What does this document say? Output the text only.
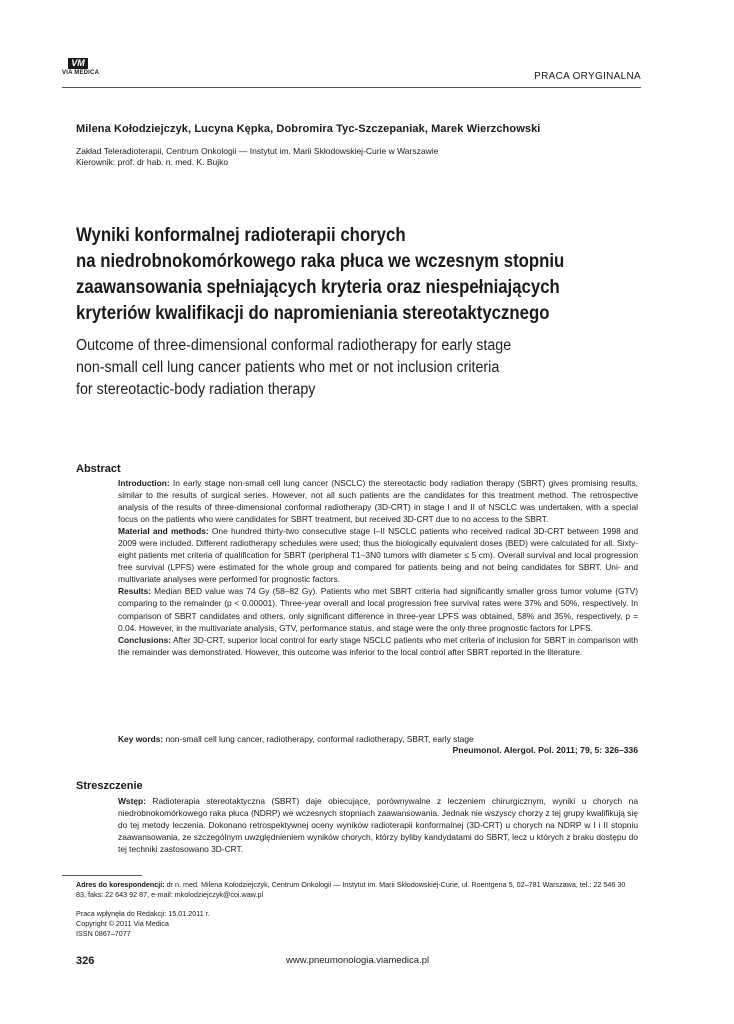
VM
VIA MEDICA	PRACA ORYGINALNA
Milena Kołodziejczyk, Lucyna Kępka, Dobromira Tyc-Szczepaniak, Marek Wierzchowski
Zakład Teleradioterapii, Centrum Onkologii — Instytut im. Marii Skłodowskiej-Curie w Warszawie
Kierownik: prof. dr hab. n. med. K. Bujko
Wyniki konformalnej radioterapii chorych
na niedrobnokomórkowego raka płuca we wczesnym stopniu
zaawansowania spełniających kryteria oraz niespełniających
kryteriów kwalifikacji do napromieniania stereotaktycznego
Outcome of three-dimensional conformal radiotherapy for early stage
non-small cell lung cancer patients who met or not inclusion criteria
for stereotactic-body radiation therapy
Abstract

Introduction: In early stage non-small cell lung cancer (NSCLC) the stereotactic body radiation therapy (SBRT) gives promising results, similar to the results of surgical series. However, not all such patients are the candidates for this treatment method. The retrospective analysis of the results of three-dimensional conformal radiotherapy (3D-CRT) in stage I and II of NSCLC was undertaken, with a special focus on the patients who were candidates for SBRT treatment, but received 3D-CRT due to no access to the SBRT.

Material and methods: One hundred thirty-two consecutive stage I–II NSCLC patients who received radical 3D-CRT between 1998 and 2009 were included. Different radiotherapy schedules were used; thus the biologically equivalent doses (BED) were calculated for all. Sixty-eight patients met criteria of qualification for SBRT (peripheral T1–3N0 tumors with diameter ≤ 5 cm). Overall survival and local progression free survival (LPFS) were estimated for the whole group and compared for patients being and not being candidates for SBRT. Uni- and multivariate analyses were performed for prognostic factors.

Results: Median BED value was 74 Gy (58–82 Gy). Patients who met SBRT criteria had significantly smaller gross tumor volume (GTV) comparing to the remainder (p < 0.00001). Three-year overall and local progression free survival rates were 37% and 50%, respectively. In comparison of SBRT candidates and others, only significant difference in three-year LPFS was obtained, 58% and 35%, respectively, p = 0.04. However, in the multivariate analysis, GTV, performance status, and stage were the only three prognostic factors for LPFS.

Conclusions: After 3D-CRT, superior local control for early stage NSCLC patients who met criteria of inclusion for SBRT in comparison with the remainder was demonstrated. However, this outcome was inferior to the local control after SBRT reported in the literature.

Key words: non-small cell lung cancer, radiotherapy, conformal radiotherapy, SBRT, early stage
Pneumonol. Alergol. Pol. 2011; 79, 5: 326–336
Streszczenie

Wstęp: Radioterapia stereotaktyczna (SBRT) daje obiecujące, porównywalne z leczeniem chirurgicznym, wyniki u chorych na niedrobnokomórkowego raka płuca (NDRP) we wczesnych stopniach zaawansowania. Jednak nie wszyscy chorzy z tej grupy kwalifikują się do tej metody leczenia. Dokonano retrospektywnej oceny wyników radioterapii konformalnej (3D-CRT) u chorych na NDRP w I i II stopniu zaawansowania, ze szczególnym uwzględnieniem wyników chorych, którzy byliby kandydatami do SBRT, lecz u których z braku dostępu do tej techniki zastosowano 3D-CRT.

Adres do korespondencji: dr n. med. Milena Kołodziejczyk, Centrum Onkologii — Instytut im. Marii Skłodowskiej-Curie, ul. Roentgena 5, 02–781 Warszawa, tel.: 22 546 30 83, faks: 22 643 92 87, e-mail: mkolodziejczyk@coi.waw.pl
Praca wpłynęła do Redakcji: 15.01.2011 r.
Copyright © 2011 Via Medica
ISSN 0867–7077
326	www.pneumonologia.viamedica.pl
